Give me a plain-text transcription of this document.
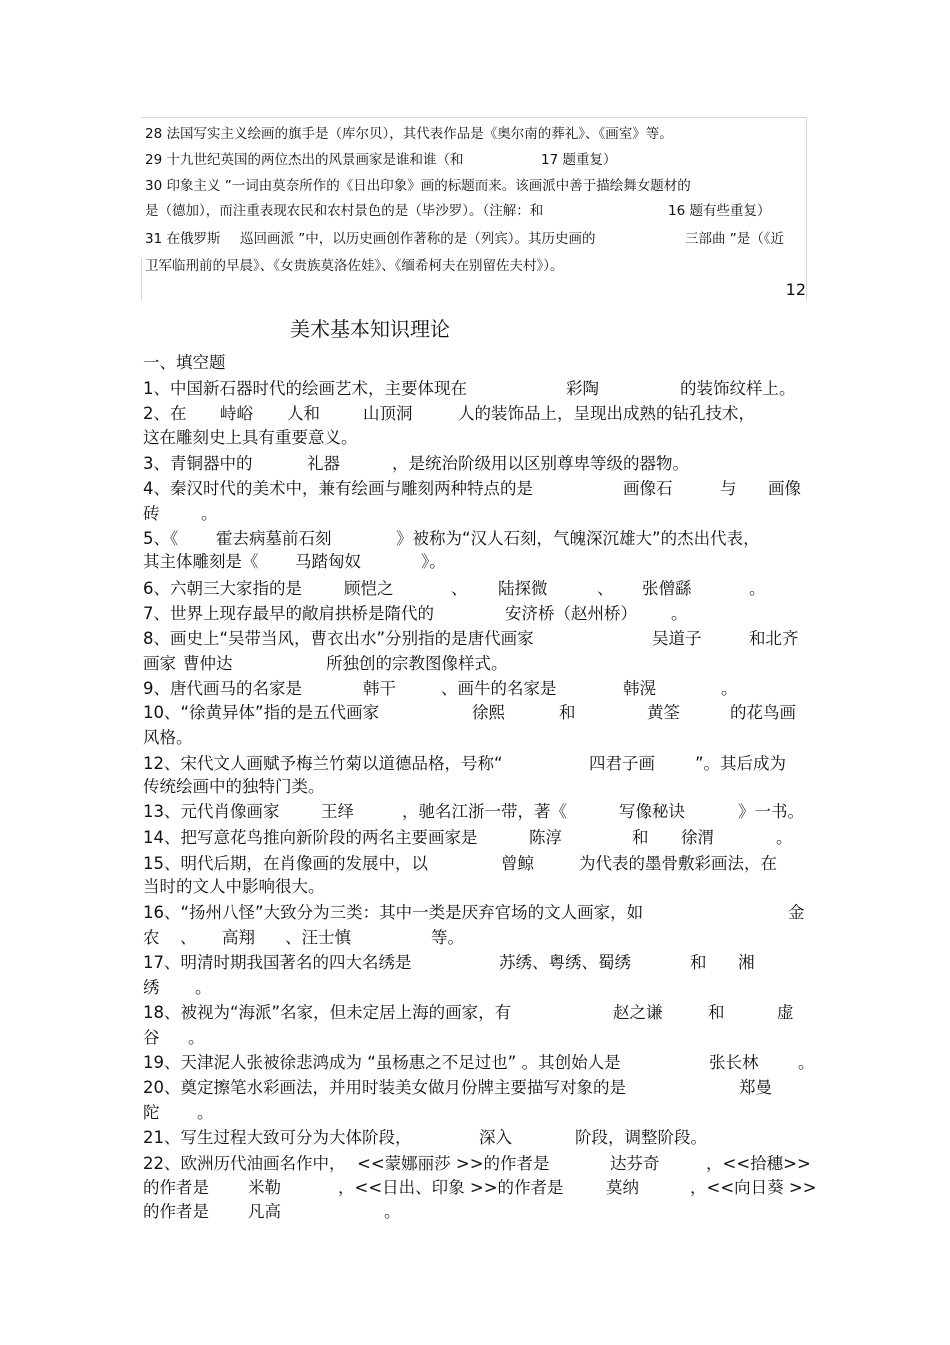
28 法国写实主义绘画的旗手是（库尔贝），其代表作品是《奥尔南的葬礼》、《画室》等。
29 十九世纪英国的两位杰出的风景画家是谁和谁（和	17 题重复）
30 印象主义 ”一词由莫奈所作的《日出印象》画的标题而来。该画派中善于描绘舞女题材的
是（德加），而注重表现农民和农村景色的是（毕沙罗）。（注解：和	16 题有些重复）
31 在俄罗斯 巡回画派 ”中，以历史画创作著称的是（列宾）。其历史画的	三部曲 ”是（《近
卫军临刑前的早晨》、《女贵族莫洛佐娃》、《缅希柯夫在别留佐夫村》）。
12
美术基本知识理论
一、填空题
1、中国新石器时代的绘画艺术，主要体现在	彩陶	的装饰纹样上。
2、在 峙峪 人和	山顶洞	人的装饰品上，呈现出成熟的钻孔技术，
这在雕刻史上具有重要意义。
3、青铜器中的	礼器	，是统治阶级用以区别尊卑等级的器物。
4、秦汉时代的美术中，兼有绘画与雕刻两种特点的是	画像石	与 画像
砖	。
5、《 霍去病墓前石刻	》被称为“汉人石刻，气魄深沉雄大”的杰出代表，
其主体雕刻是《 马踏匈奴	》。
6、六朝三大家指的是	顾恺之	、 陆探微	、 张僧繇	。
7、世界上现存最早的敞肩拱桥是隋代的	安济桥（赵州桥） 。
8、画史上“吴带当风，曹衣出水”分别指的是唐代画家	吴道子	和北齐
画家 曹仲达	所独创的宗教图像样式。
9、唐代画马的名家是	韩干	、画牛的名家是	韩滉	。
10、“徐黄异体”指的是五代画家	徐熙	和	黄筌	的花鸟画
风格。
12、宋代文人画赋予梅兰竹菊以道德品格，号称“	四君子画 ”。其后成为
传统绘画中的独特门类。
13、元代肖像画家	王绎	，驰名江浙一带，著《	写像秘诀	》一书。
14、把写意花鸟推向新阶段的两名主要画家是	陈淳	和 徐渭	。
15、明代后期，在肖像画的发展中，以	曾鲸	为代表的墨骨敷彩画法，在
当时的文人中影响很大。
16、“扬州八怪”大致分为三类：其中一类是厌弃官场的文人画家，如	金
农 、 高翔 、汪士慎	等。
17、明清时期我国著名的四大名绣是	苏绣、粤绣、蜀绣	和 湘
绣 。
18、被视为“海派”名家，但未定居上海的画家，有	赵之谦	和	虚
谷 。
19、天津泥人张被徐悲鸿成为 “虽杨惠之不足过也” 。其创始人是	张长林 。
20、奠定擦笔水彩画法，并用时装美女做月份牌主要描写对象的是	郑曼
陀 。
21、写生过程大致可分为大体阶段，	深入	阶段，调整阶段。
22、欧洲历代油画名作中， <<蒙娜丽莎 >>的作者是	达芬奇	，<<拾穗>>
的作者是 米勒	，<<日出、印象 >>的作者是	莫纳	，<<向日葵 >>
的作者是 凡高	。
